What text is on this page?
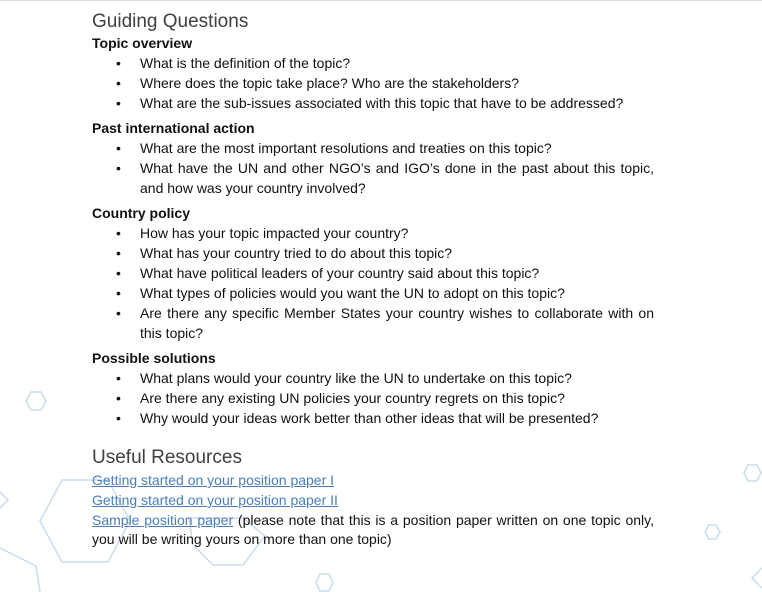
Guiding Questions
Topic overview
• What is the definition of the topic?
• Where does the topic take place? Who are the stakeholders?
• What are the sub-issues associated with this topic that have to be addressed?
Past international action
• What are the most important resolutions and treaties on this topic?
• What have the UN and other NGO’s and IGO’s done in the past about this topic, and how was your country involved?
Country policy
• How has your topic impacted your country?
• What has your country tried to do about this topic?
• What have political leaders of your country said about this topic?
• What types of policies would you want the UN to adopt on this topic?
• Are there any specific Member States your country wishes to collaborate with on this topic?
Possible solutions
• What plans would your country like the UN to undertake on this topic?
• Are there any existing UN policies your country regrets on this topic?
• Why would your ideas work better than other ideas that will be presented?
Useful Resources
Getting started on your position paper I
Getting started on your position paper II
Sample position paper (please note that this is a position paper written on one topic only, you will be writing yours on more than one topic)
